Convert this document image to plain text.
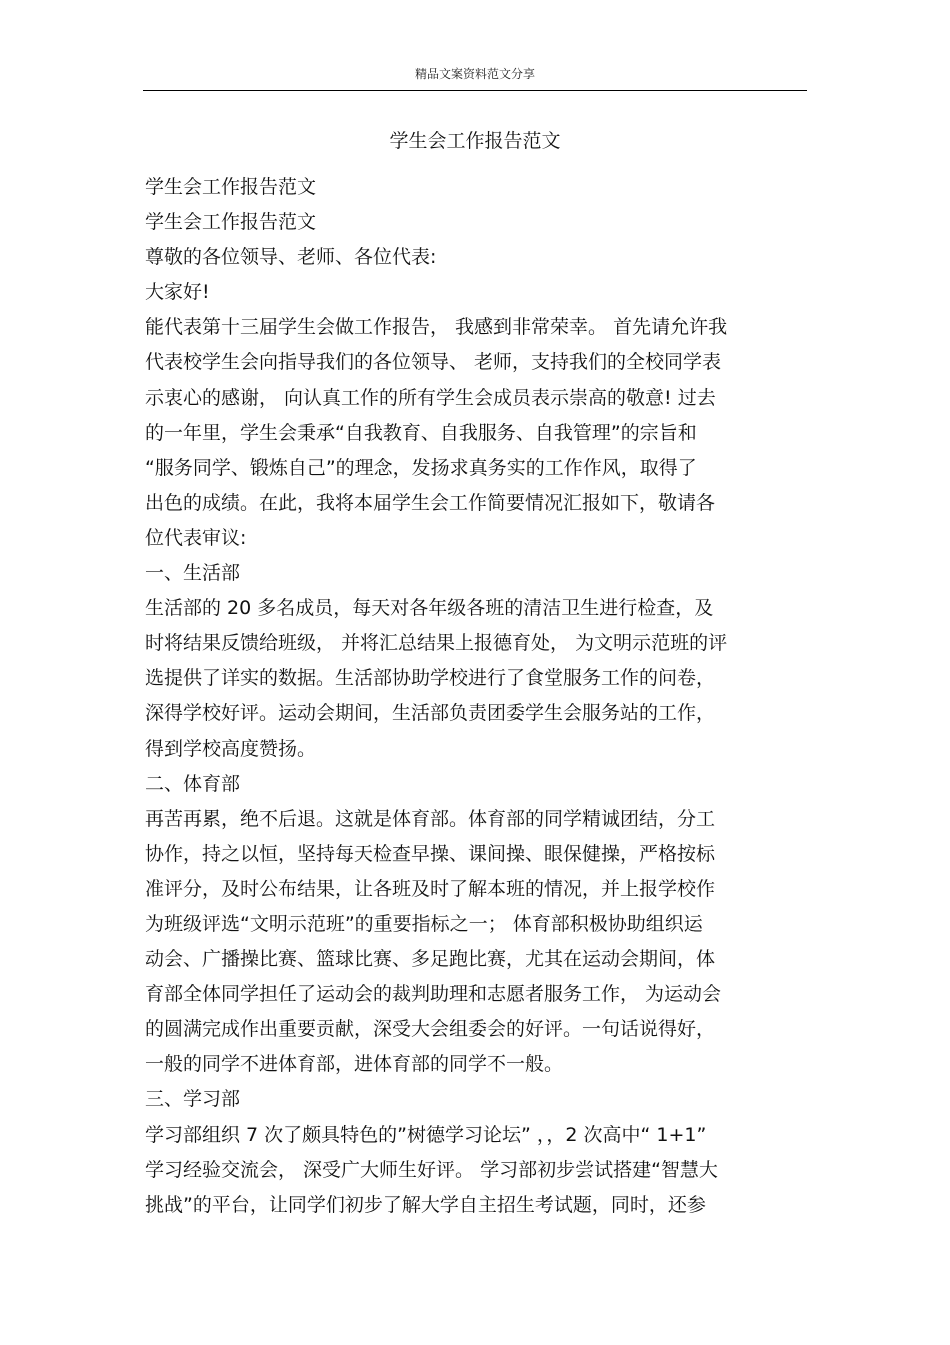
精品文案资料范文分享
学生会工作报告范文
学生会工作报告范文
学生会工作报告范文
尊敬的各位领导、老师、各位代表:
大家好!
能代表第十三届学生会做工作报告， 我感到非常荣幸。 首先请允许我
代表校学生会向指导我们的各位领导、 老师，支持我们的全校同学表
示衷心的感谢， 向认真工作的所有学生会成员表示崇高的敬意! 过去
的一年里，学生会秉承“自我教育、自我服务、自我管理”的宗旨和
“服务同学、锻炼自己”的理念，发扬求真务实的工作作风，取得了
出色的成绩。在此，我将本届学生会工作简要情况汇报如下，敬请各
位代表审议:
一、生活部
生活部的 20 多名成员，每天对各年级各班的清洁卫生进行检查，及
时将结果反馈给班级， 并将汇总结果上报德育处， 为文明示范班的评
选提供了详实的数据。生活部协助学校进行了食堂服务工作的问卷，
深得学校好评。运动会期间，生活部负责团委学生会服务站的工作，
得到学校高度赞扬。
二、体育部
再苦再累，绝不后退。这就是体育部。体育部的同学精诚团结，分工
协作，持之以恒，坚持每天检查早操、课间操、眼保健操，严格按标
准评分，及时公布结果，让各班及时了解本班的情况，并上报学校作
为班级评选“文明示范班”的重要指标之一； 体育部积极协助组织运
动会、广播操比赛、篮球比赛、多足跑比赛，尤其在运动会期间，体
育部全体同学担任了运动会的裁判助理和志愿者服务工作， 为运动会
的圆满完成作出重要贡献，深受大会组委会的好评。一句话说得好，
一般的同学不进体育部，进体育部的同学不一般。
三、学习部
学习部组织 7 次了颇具特色的”树德学习论坛” ，，2 次高中“ 1+1”
学习经验交流会， 深受广大师生好评。 学习部初步尝试搭建“智慧大
挑战”的平台，让同学们初步了解大学自主招生考试题，同时，还参
